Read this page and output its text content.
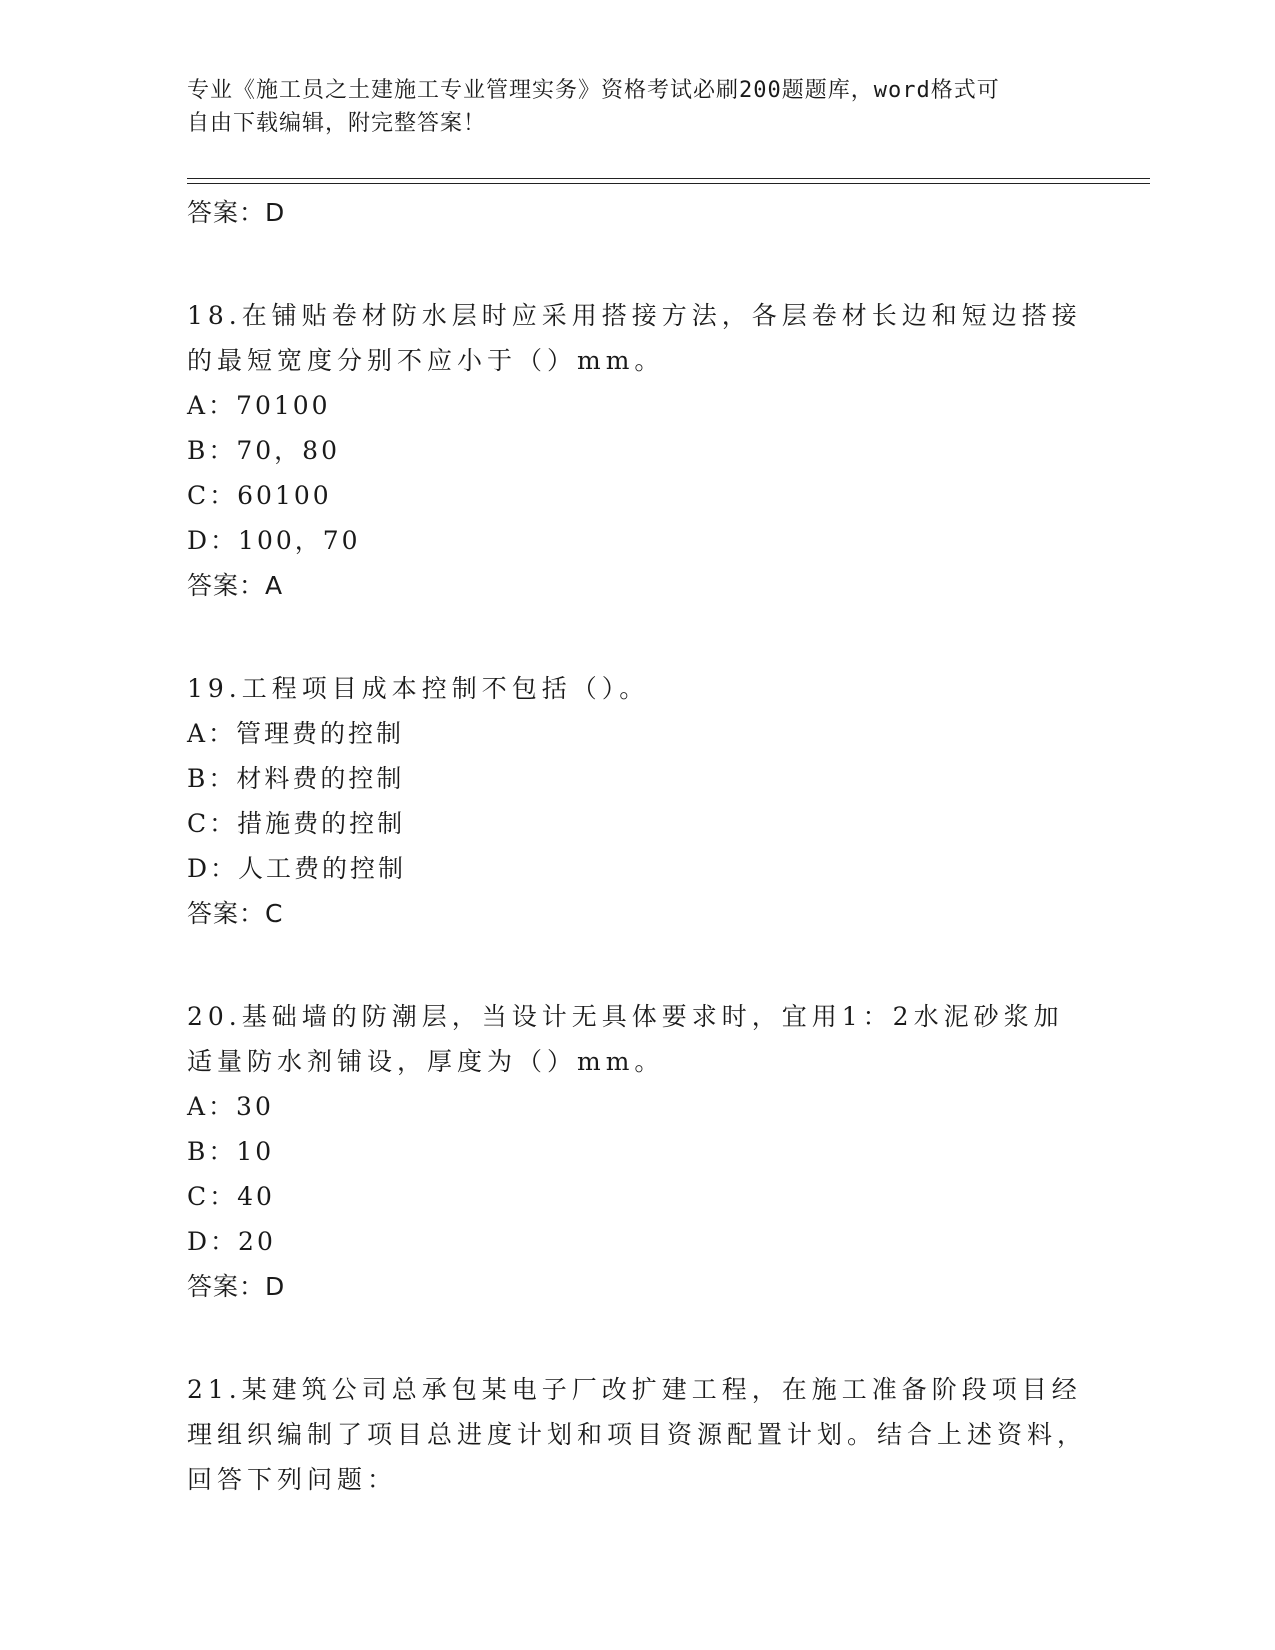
专业《施工员之土建施工专业管理实务》资格考试必刷200题题库，word格式可
自由下载编辑，附完整答案！
答案：D
18.在铺贴卷材防水层时应采用搭接方法，各层卷材长边和短边搭接的最短宽度分别不应小于（）mm。
A：70100
B：70，80
C：60100
D：100，70
答案：A
19.工程项目成本控制不包括（）。
A：管理费的控制
B：材料费的控制
C：措施费的控制
D：人工费的控制
答案：C
20.基础墙的防潮层，当设计无具体要求时，宜用1：2水泥砂浆加适量防水剂铺设，厚度为（）mm。
A：30
B：10
C：40
D：20
答案：D
21.某建筑公司总承包某电子厂改扩建工程，在施工准备阶段项目经理组织编制了项目总进度计划和项目资源配置计划。结合上述资料，回答下列问题：
